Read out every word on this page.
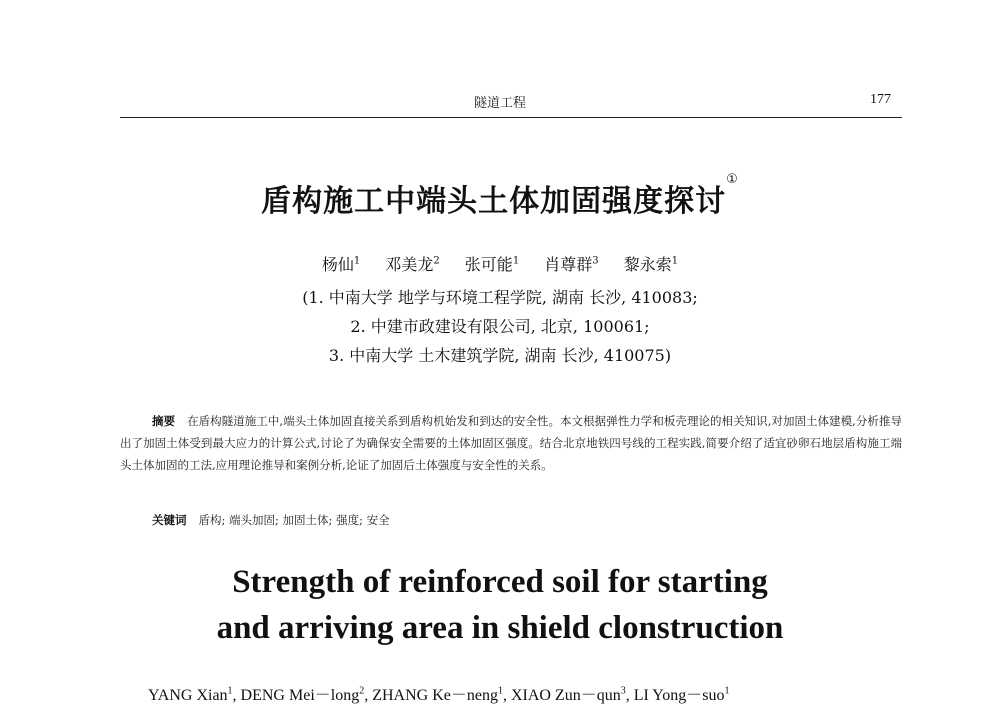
隧道工程	177
盾构施工中端头土体加固强度探讨①
杨仙$^1$ 邓美龙$^2$ 张可能$^1$ 肖尊群$^3$ 黎永索$^1$
(1. 中南大学 地学与环境工程学院, 湖南 长沙, 410083;
2. 中建市政建设有限公司, 北京, 100061;
3. 中南大学 土木建筑学院, 湖南 长沙, 410075)
摘要 在盾构隧道施工中,端头土体加固直接关系到盾构机始发和到达的安全性。本文根据弹性力学和板壳理论的相关知识,对加固土体建模,分析推导出了加固土体受到最大应力的计算公式,讨论了为确保安全需要的土体加固区强度。结合北京地铁四号线的工程实践,简要介绍了适宜砂卵石地层盾构施工端头土体加固的工法,应用理论推导和案例分析,论证了加固后土体强度与安全性的关系。
关键词 盾构; 端头加固; 加固土体; 强度; 安全
Strength of reinforced soil for starting
and arriving area in shield clonstruction
YANG Xian$^1$, DENG Mei－long$^2$, ZHANG Ke－neng$^1$, XIAO Zun－qun$^3$, LI Yong－suo$^1$
